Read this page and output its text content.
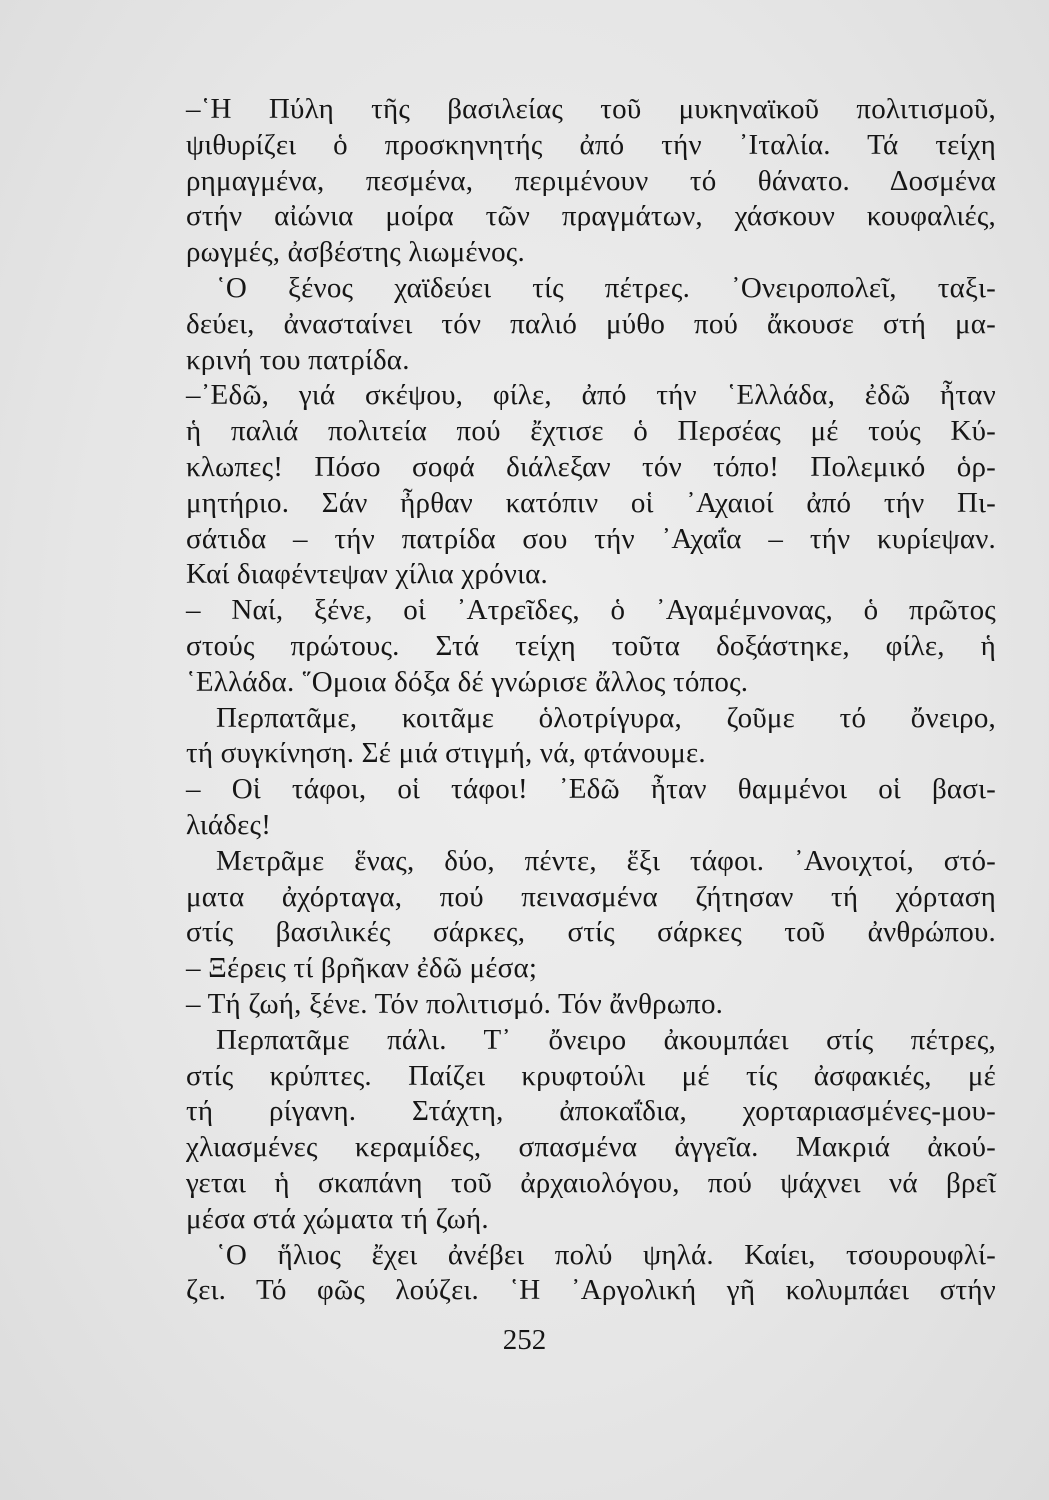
–῾Η Πύλη τῆς βασιλείας τοῦ μυκηναϊκοῦ πολιτισμοῦ,
ψιθυρίζει ὁ προσκηνητής ἀπό τήν ᾿Ιταλία. Τά τείχη
ρημαγμένα, πεσμένα, περιμένουν τό θάνατο. Δοσμένα
στήν αἰώνια μοίρα τῶν πραγμάτων, χάσκουν κουφαλιές,
ρωγμές, ἀσβέστης λιωμένος.
῾Ο ξένος χαϊδεύει τίς πέτρες. ᾿Ονειροπολεῖ, ταξι-
δεύει, ἀνασταίνει τόν παλιό μύθο πού ἄκουσε στή μα-
κρινή του πατρίδα.
–᾿Εδῶ, γιά σκέψου, φίλε, ἀπό τήν ῾Ελλάδα, ἐδῶ ἦταν
ἡ παλιά πολιτεία πού ἔχτισε ὁ Περσέας μέ τούς Κύ-
κλωπες! Πόσο σοφά διάλεξαν τόν τόπο! Πολεμικό ὁρ-
μητήριο. Σάν ἦρθαν κατόπιν οἱ ᾿Αχαιοί ἀπό τήν Πι-
σάτιδα – τήν πατρίδα σου τήν ᾿Αχαΐα – τήν κυρίεψαν.
Καί διαφέντεψαν χίλια χρόνια.
– Ναί, ξένε, οἱ ᾿Ατρεῖδες, ὁ ᾿Αγαμέμνονας, ὁ πρῶτος
στούς πρώτους. Στά τείχη τοῦτα δοξάστηκε, φίλε, ἡ
῾Ελλάδα. ῞Ομοια δόξα δέ γνώρισε ἄλλος τόπος.
Περπατᾶμε, κοιτᾶμε ὁλοτρίγυρα, ζοῦμε τό ὄνειρο,
τή συγκίνηση. Σέ μιά στιγμή, νά, φτάνουμε.
– Οἱ τάφοι, οἱ τάφοι! ᾿Εδῶ ἦταν θαμμένοι οἱ βασι-
λιάδες!
Μετρᾶμε ἕνας, δύο, πέντε, ἕξι τάφοι. ᾿Ανοιχτοί, στό-
ματα ἀχόρταγα, πού πεινασμένα ζήτησαν τή χόρταση
στίς βασιλικές σάρκες, στίς σάρκες τοῦ ἀνθρώπου.
– Ξέρεις τί βρῆκαν ἐδῶ μέσα;
– Τή ζωή, ξένε. Τόν πολιτισμό. Τόν ἄνθρωπο.
Περπατᾶμε πάλι. Τ᾿ ὄνειρο ἀκουμπάει στίς πέτρες,
στίς κρύπτες. Παίζει κρυφτούλι μέ τίς ἀσφακιές, μέ
τή ρίγανη. Στάχτη, ἀποκαΐδια, χορταριασμένες-μου-
χλιασμένες κεραμίδες, σπασμένα ἀγγεῖα. Μακριά ἀκού-
γεται ἡ σκαπάνη τοῦ ἀρχαιολόγου, πού ψάχνει νά βρεῖ
μέσα στά χώματα τή ζωή.
῾Ο ἥλιος ἔχει ἀνέβει πολύ ψηλά. Καίει, τσουρουφλί-
ζει. Τό φῶς λούζει. ῾Η ᾿Αργολική γῆ κολυμπάει στήν
252
